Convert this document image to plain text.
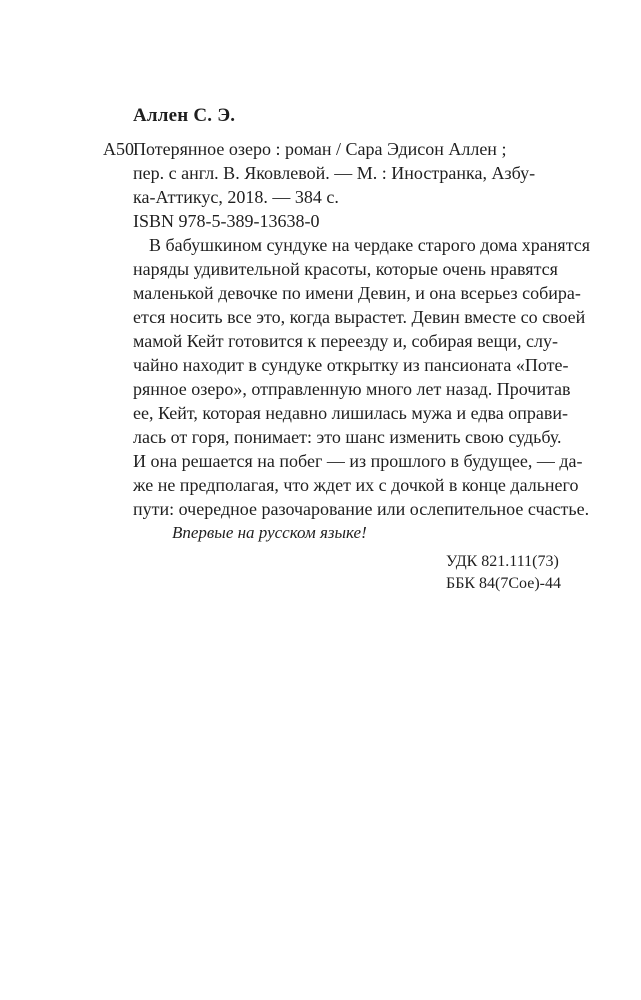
Аллен С. Э.
А50 Потерянное озеро : роман / Сара Эдисон Аллен ;
пер. с англ. В. Яковлевой. — М. : Иностранка, Азбу-
ка-Аттикус, 2018. — 384 с.
ISBN 978-5-389-13638-0
В бабушкином сундуке на чердаке старого дома хранятся
наряды удивительной красоты, которые очень нравятся
маленькой девочке по имени Девин, и она всерьез собира-
ется носить все это, когда вырастет. Девин вместе со своей
мамой Кейт готовится к переезду и, собирая вещи, слу-
чайно находит в сундуке открытку из пансионата «Поте-
рянное озеро», отправленную много лет назад. Прочитав
ее, Кейт, которая недавно лишилась мужа и едва оправи-
лась от горя, понимает: это шанс изменить свою судьбу.
И она решается на побег — из прошлого в будущее, — да-
же не предполагая, что ждет их с дочкой в конце дальнего
пути: очередное разочарование или ослепительное счастье.
Впервые на русском языке!
УДК 821.111(73)
ББК 84(7Сое)-44
